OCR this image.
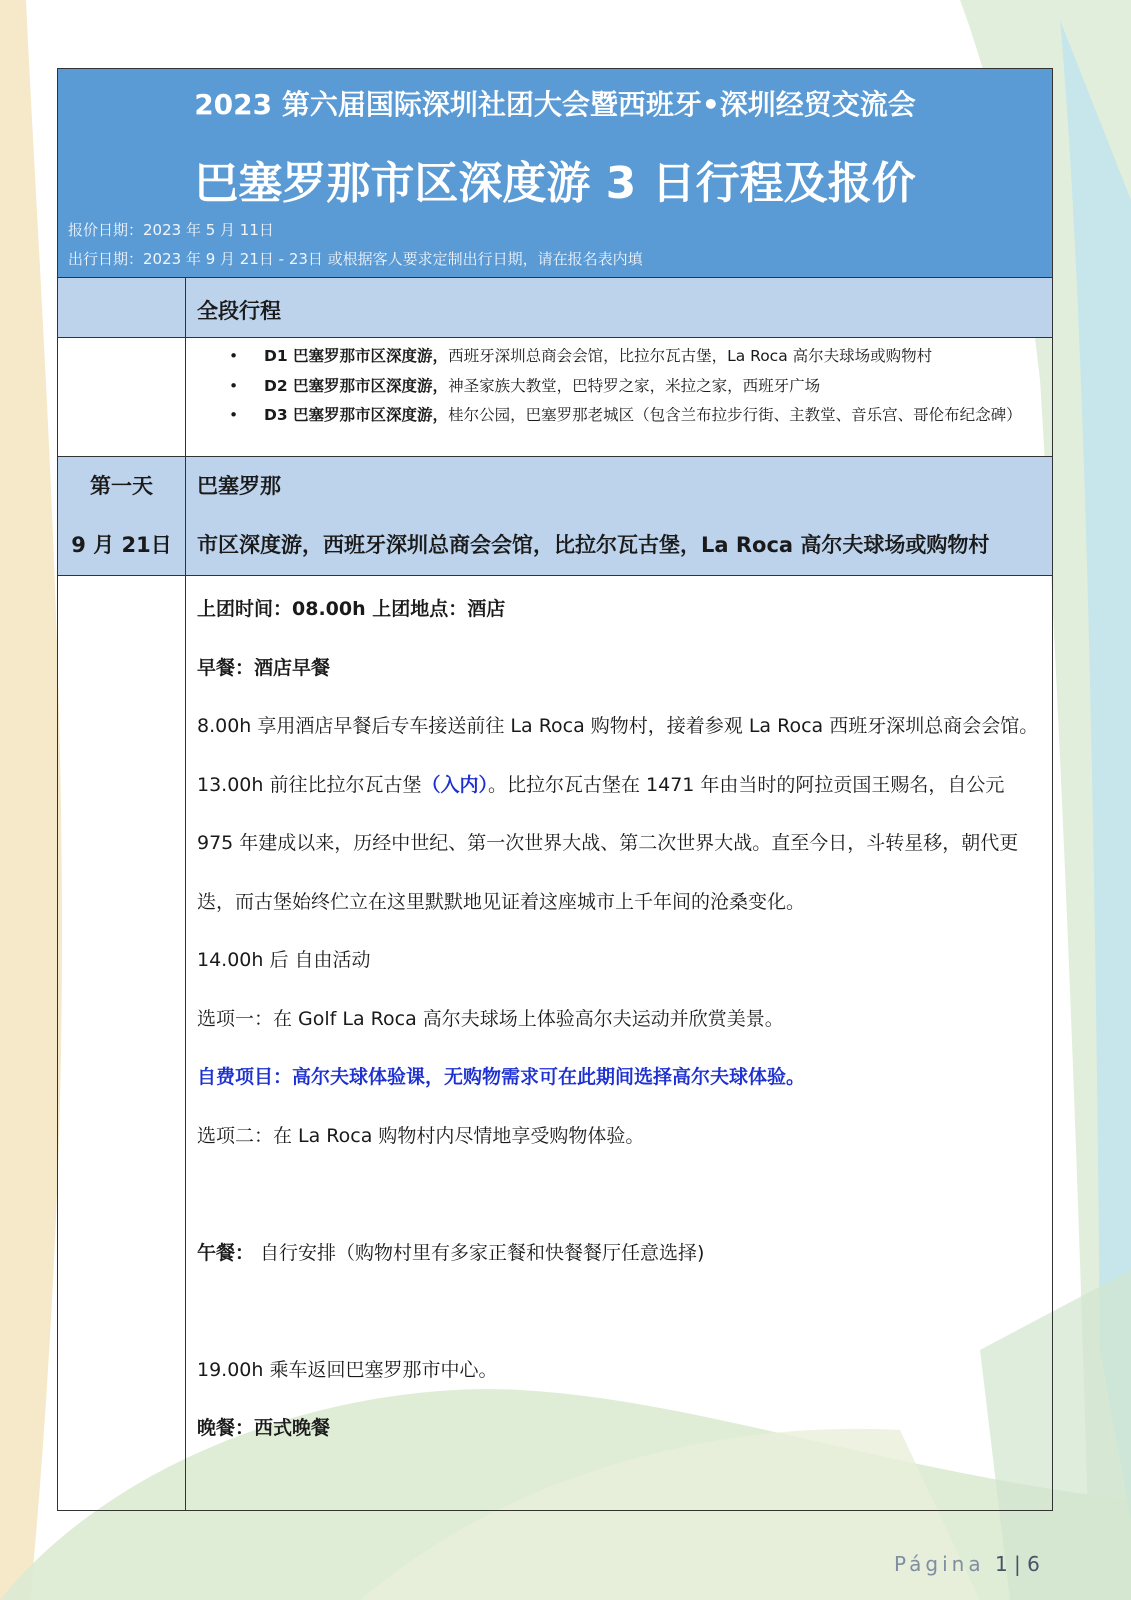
2023 第六届国际深圳社团大会暨西班牙•深圳经贸交流会
巴塞罗那市区深度游 3 日行程及报价
报价日期：2023 年 5 月 11日
出行日期：2023 年 9 月 21日 - 23日 或根据客人要求定制出行日期，请在报名表内填
全段行程
• D1 巴塞罗那市区深度游，西班牙深圳总商会会馆，比拉尔瓦古堡，La Roca 高尔夫球场或购物村
• D2 巴塞罗那市区深度游，神圣家族大教堂，巴特罗之家，米拉之家，西班牙广场
• D3 巴塞罗那市区深度游，桂尔公园，巴塞罗那老城区（包含兰布拉步行街、主教堂、音乐宫、哥伦布纪念碑）
第一天
9 月 21日
巴塞罗那
市区深度游，西班牙深圳总商会会馆，比拉尔瓦古堡，La Roca 高尔夫球场或购物村

上团时间：08.00h 上团地点：酒店

早餐：酒店早餐

8.00h 享用酒店早餐后专车接送前往 La Roca 购物村，接着参观 La Roca 西班牙深圳总商会会馆。

13.00h 前往比拉尔瓦古堡（入内）。比拉尔瓦古堡在 1471 年由当时的阿拉贡国王赐名，自公元 975 年建成以来，历经中世纪、第一次世界大战、第二次世界大战。直至今日，斗转星移，朝代更迭，而古堡始终伫立在这里默默地见证着这座城市上千年间的沧桑变化。

14.00h 后 自由活动

选项一：在 Golf La Roca 高尔夫球场上体验高尔夫运动并欣赏美景。

自费项目：高尔夫球体验课，无购物需求可在此期间选择高尔夫球体验。

选项二：在 La Roca 购物村内尽情地享受购物体验。

午餐： 自行安排（购物村里有多家正餐和快餐餐厅任意选择)

19.00h 乘车返回巴塞罗那市中心。

晚餐：西式晚餐

Página 1 | 6
